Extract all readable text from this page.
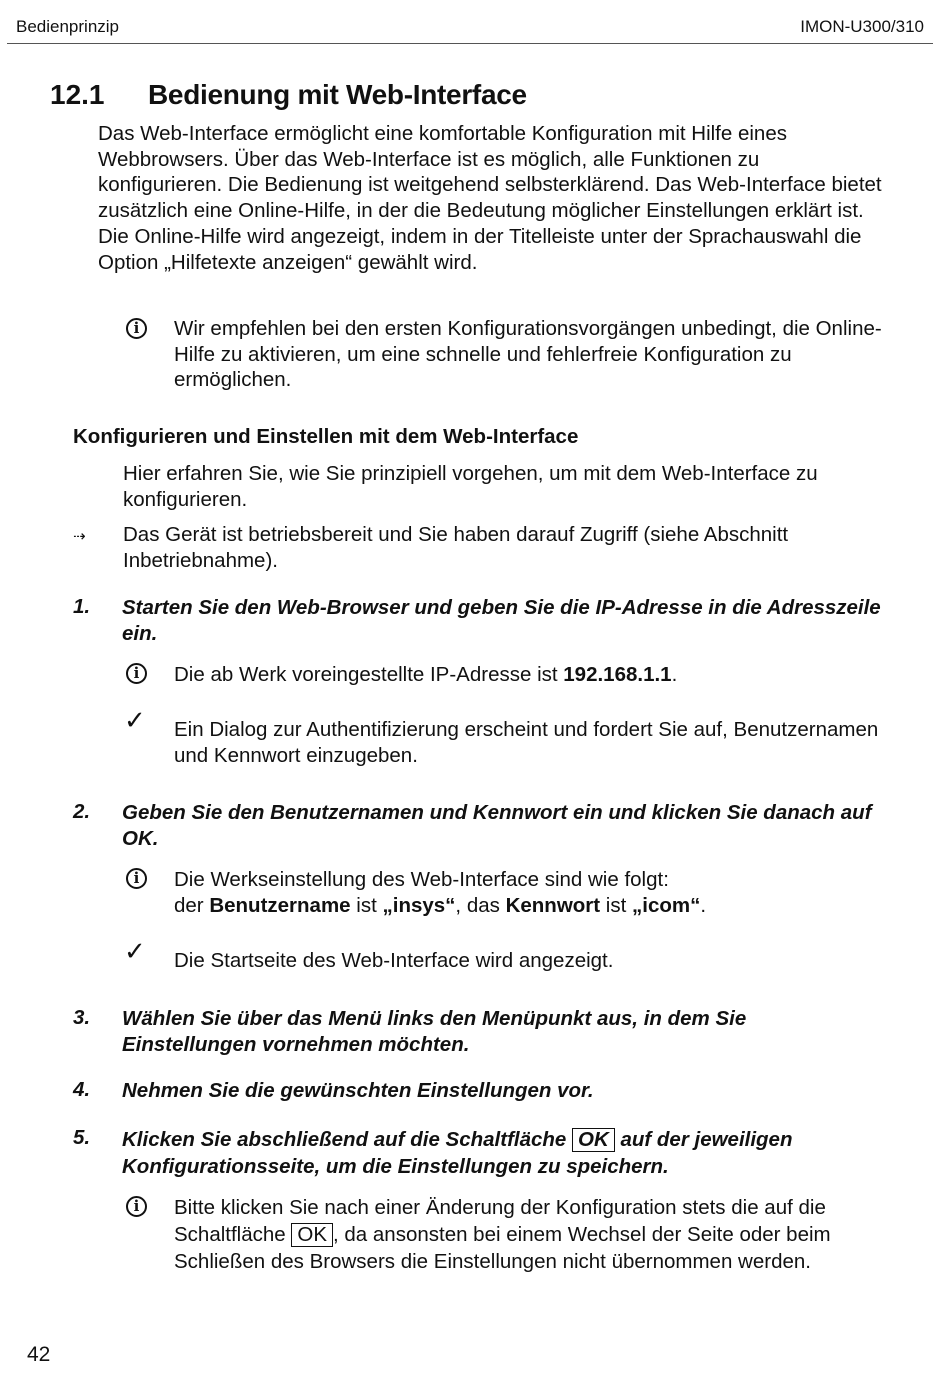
Bedienprinzip	IMON-U300/310
12.1 Bedienung mit Web-Interface
Das Web-Interface ermöglicht eine komfortable Konfiguration mit Hilfe eines Webbrowsers. Über das Web-Interface ist es möglich, alle Funktionen zu konfigurieren. Die Bedienung ist weitgehend selbsterklärend. Das Web-Interface bietet zusätzlich eine Online-Hilfe, in der die Bedeutung möglicher Einstellungen erklärt ist. Die Online-Hilfe wird angezeigt, indem in der Titelleiste unter der Sprachauswahl die Option „Hilfetexte anzeigen“ gewählt wird.
i	Wir empfehlen bei den ersten Konfigurationsvorgängen unbedingt, die Online-Hilfe zu aktivieren, um eine schnelle und fehlerfreie Konfiguration zu ermöglichen.
Konfigurieren und Einstellen mit dem Web-Interface
Hier erfahren Sie, wie Sie prinzipiell vorgehen, um mit dem Web-Interface zu konfigurieren.
⇢ Das Gerät ist betriebsbereit und Sie haben darauf Zugriff (siehe Abschnitt Inbetriebnahme).
1. Starten Sie den Web-Browser und geben Sie die IP-Adresse in die Adresszeile ein.
i	Die ab Werk voreingestellte IP-Adresse ist 192.168.1.1.
✓ Ein Dialog zur Authentifizierung erscheint und fordert Sie auf, Benutzernamen und Kennwort einzugeben.
2. Geben Sie den Benutzernamen und Kennwort ein und klicken Sie danach auf OK.
i	Die Werkseinstellung des Web-Interface sind wie folgt:
der Benutzername ist „insys“, das Kennwort ist „icom“.
✓ Die Startseite des Web-Interface wird angezeigt.
3. Wählen Sie über das Menü links den Menüpunkt aus, in dem Sie Einstellungen vornehmen möchten.
4. Nehmen Sie die gewünschten Einstellungen vor.
5. Klicken Sie abschließend auf die Schaltfläche OK auf der jeweiligen Konfigurationsseite, um die Einstellungen zu speichern.
i	Bitte klicken Sie nach einer Änderung der Konfiguration stets die auf die Schaltfläche OK , da ansonsten bei einem Wechsel der Seite oder beim Schließen des Browsers die Einstellungen nicht übernommen werden.
42
